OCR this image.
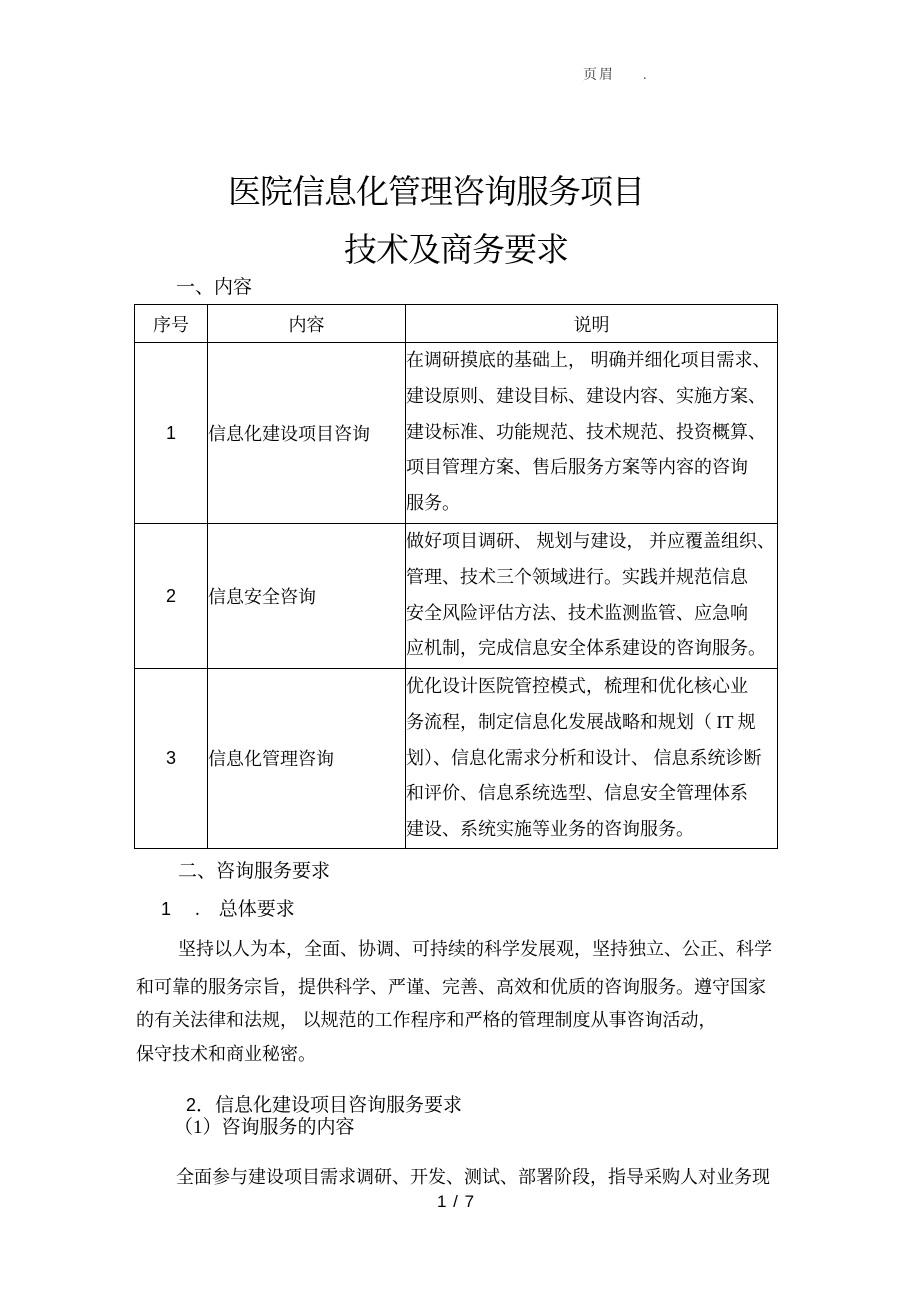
页眉 .
医院信息化管理咨询服务项目
技术及商务要求
一、内容
序号	内容	说明
1	信息化建设项目咨询	在调研摸底的基础上， 明确并细化项目需求、
建设原则、建设目标、建设内容、实施方案、
建设标准、功能规范、技术规范、投资概算、
项目管理方案、售后服务方案等内容的咨询
服务。

2	信息安全咨询	做好项目调研、 规划与建设， 并应覆盖组织、
管理、技术三个领域进行。实践并规范信息
安全风险评估方法、技术监测监管、应急响
应机制，完成信息安全体系建设的咨询服务。

3	信息化管理咨询	优化设计医院管控模式，梳理和优化核心业
务流程，制定信息化发展战略和规划（ IT 规
划）、信息化需求分析和设计、 信息系统诊断
和评价、信息系统选型、信息安全管理体系
建设、系统实施等业务的咨询服务。
二、咨询服务要求
1 . 总体要求
坚持以人为本，全面、协调、可持续的科学发展观，坚持独立、公正、科学
和可靠的服务宗旨，提供科学、严谨、完善、高效和优质的咨询服务。遵守国家
的有关法律和法规， 以规范的工作程序和严格的管理制度从事咨询活动，
保守技术和商业秘密。
2．信息化建设项目咨询服务要求
（1）咨询服务的内容
全面参与建设项目需求调研、开发、测试、部署阶段，指导采购人对业务现
1 / 7
